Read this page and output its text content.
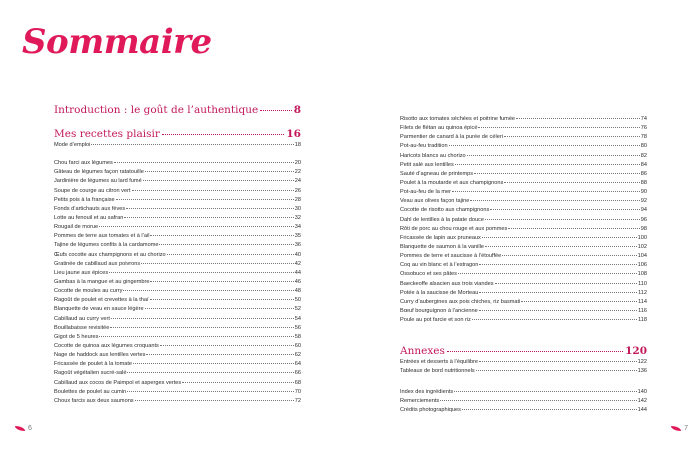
Sommaire
Introduction : le goût de l’authentique	8
Mes recettes plaisir	16
Mode d’emploi	18
Chou farci aux légumes	20
Gâteau de légumes façon ratatouille	22
Jardinière de légumes au lard fumé	24
Soupe de courge au citron vert	26
Petits pois à la française	28
Fonds d’artichauts aux fèves	30
Lotte au fenouil et au safran	32
Rougail de morue	34
Pommes de terre aux tomates et à l’ail	35
Tajine de légumes confits à la cardamome	36
Œufs cocotte aux champignons et au chorizo	40
Gratinée de cabillaud aux poivrons	42
Lieu jaune aux épices	44
Gambas à la mangue et au gingembre	46
Cocotte de moules au curry	48
Ragoût de poulet et crevettes à la thaï	50
Blanquette de veau en sauce légère	52
Cabillaud au curry vert	54
Bouillabaisse revisitée	56
Gigot de 5 heures	58
Cocotte de quinoa aux légumes croquants	60
Nage de haddock aux lentilles vertes	62
Fricassée de poulet à la tomate	64
Ragoût végétalien sucré-salé	66
Cabillaud aux cocos de Paimpol et asperges vertes	68
Boulettes de poulet au cumin	70
Choux farcis aux deux saumons	72
Risotto aux tomates séchées et poitrine fumée	74
Filets de flétan au quinoa épicé	76
Parmentier de canard à la purée de céleri	78
Pot-au-feu tradition	80
Haricots blancs au chorizo	82
Petit salé aux lentilles	84
Sauté d’agneau de printemps	86
Poulet à la moutarde et aux champignons	88
Pot-au-feu de la mer	90
Veau aux olives façon tajine	92
Cocotte de risotto aux champignons	94
Dahl de lentilles à la patate douce	96
Rôti de porc au chou rouge et aux pommes	98
Fricassée de lapin aux pruneaux	100
Blanquette de saumon à la vanille	102
Pommes de terre et saucisse à l’étouffée	104
Coq au vin blanc et à l’estragon	106
Ossobuco et ses pâtes	108
Baeckeoffe alsacien aux trois viandes	110
Potée à la saucisse de Morteau	112
Curry d’aubergines aux pois chiches, riz basmati	114
Bœuf bourguignon à l’ancienne	116
Poule au pot farcie et son riz	118
Annexes	120
Entrées et desserts à l’équilibre	122
Tableaux de bord nutritionnels	136
Index des ingrédients	140
Remerciements	142
Crédits photographiques	144
6	7
